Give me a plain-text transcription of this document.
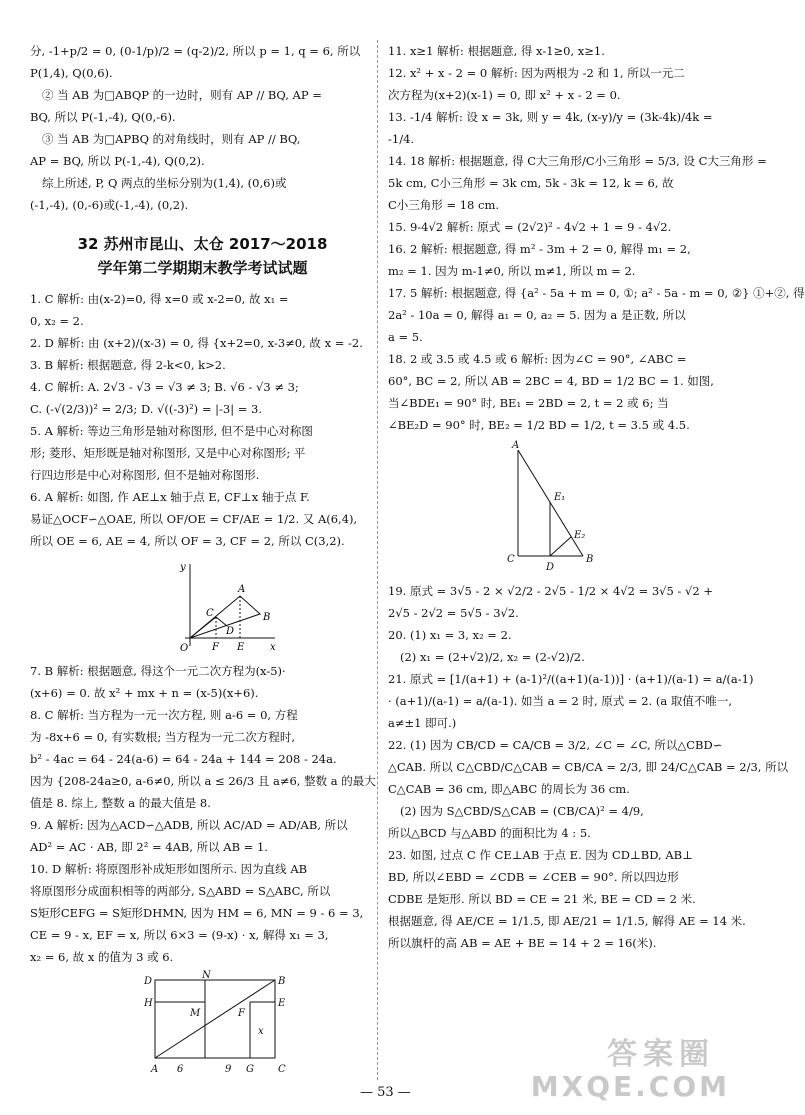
分, -1+p/2 = 0, (0-1/p)/2 = (q-2)/2, 所以 p = 1, q = 6, 所以
P(1,4), Q(0,6).
② 当 AB 为□ABQP 的一边时，则有 AP // BQ, AP =
BQ, 所以 P(-1,-4), Q(0,-6).
③ 当 AB 为□APBQ 的对角线时，则有 AP // BQ,
AP = BQ, 所以 P(-1,-4), Q(0,2).
综上所述, P, Q 两点的坐标分别为(1,4), (0,6)或
(-1,-4), (0,-6)或(-1,-4), (0,2).
32 苏州市昆山、太仓 2017～2018
学年第二学期期末教学考试试题
1. C 解析: 由(x-2)=0, 得 x=0 或 x-2=0, 故 x₁ =
0, x₂ = 2.
2. D 解析: 由 (x+2)/(x-3) = 0, 得 {x+2=0, x-3≠0, 故 x = -2.
3. B 解析: 根据题意, 得 2-k<0, k>2.
4. C 解析: A. 2√3 - √3 = √3 ≠ 3; B. √6 - √3 ≠ 3;
C. (-√(2/3))² = 2/3; D. √((-3)²) = |-3| = 3.
5. A 解析: 等边三角形是轴对称图形, 但不是中心对称图
形; 菱形、矩形既是轴对称图形, 又是中心对称图形; 平
行四边形是中心对称图形, 但不是轴对称图形.
6. A 解析: 如图, 作 AE⊥x 轴于点 E, CF⊥x 轴于点 F.
易证△OCF∽△OAE, 所以 OF/OE = CF/AE = 1/2. 又 A(6,4),
所以 OE = 6, AE = 4, 所以 OF = 3, CF = 2, 所以 C(3,2).
y
x
O F E
A
B
C
D
7. B 解析: 根据题意, 得这个一元二次方程为(x-5)·
(x+6) = 0. 故 x² + mx + n = (x-5)(x+6).
8. C 解析: 当方程为一元一次方程, 则 a-6 = 0, 方程
为 -8x+6 = 0, 有实数根; 当方程为一元二次方程时,
b² - 4ac = 64 - 24(a-6) = 64 - 24a + 144 = 208 - 24a.
因为 {208-24a≥0, a-6≠0, 所以 a ≤ 26/3 且 a≠6, 整数 a 的最大
值是 8. 综上, 整数 a 的最大值是 8.
9. A 解析: 因为△ACD∽△ADB, 所以 AC/AD = AD/AB, 所以
AD² = AC · AB, 即 2² = 4AB, 所以 AB = 1.
10. D 解析: 将原图形补成矩形如图所示. 因为直线 AB
将原图形分成面积相等的两部分, S△ABD = S△ABC, 所以
S矩形CEFG = S矩形DHMN, 因为 HM = 6, MN = 9 - 6 = 3,
CE = 9 - x, EF = x, 所以 6×3 = (9-x) · x, 解得 x₁ = 3,
x₂ = 6, 故 x 的值为 3 或 6.
D
N
B
H
M	F
E
x
A 6	9 G C
11. x≥1 解析: 根据题意, 得 x-1≥0, x≥1.
12. x² + x - 2 = 0 解析: 因为两根为 -2 和 1, 所以一元二
次方程为(x+2)(x-1) = 0, 即 x² + x - 2 = 0.
13. -1/4 解析: 设 x = 3k, 则 y = 4k, (x-y)/y = (3k-4k)/4k =
-1/4.
14. 18 解析: 根据题意, 得 C大三角形/C小三角形 = 5/3, 设 C大三角形 =
5k cm, C小三角形 = 3k cm, 5k - 3k = 12, k = 6, 故
C小三角形 = 18 cm.
15. 9-4√2 解析: 原式 = (2√2)² - 4√2 + 1 = 9 - 4√2.
16. 2 解析: 根据题意, 得 m² - 3m + 2 = 0, 解得 m₁ = 2,
m₂ = 1. 因为 m-1≠0, 所以 m≠1, 所以 m = 2.
17. 5 解析: 根据题意, 得 {a² - 5a + m = 0, ①; a² - 5a - m = 0, ②} ①+②, 得
2a² - 10a = 0, 解得 a₁ = 0, a₂ = 5. 因为 a 是正数, 所以
a = 5.
18. 2 或 3.5 或 4.5 或 6 解析: 因为∠C = 90°, ∠ABC =
60°, BC = 2, 所以 AB = 2BC = 4, BD = 1/2 BC = 1. 如图,
当∠BDE₁ = 90° 时, BE₁ = 2BD = 2, t = 2 或 6; 当
∠BE₂D = 90° 时, BE₂ = 1/2 BD = 1/2, t = 3.5 或 4.5.
A
E₁
E₂
C
D
B
19. 原式 = 3√5 - 2 × √2/2 - 2√5 - 1/2 × 4√2 = 3√5 - √2 +
2√5 - 2√2 = 5√5 - 3√2.
20. (1) x₁ = 3, x₂ = 2.
(2) x₁ = (2+√2)/2, x₂ = (2-√2)/2.
21. 原式 = [1/(a+1) + (a-1)²/((a+1)(a-1))] · (a+1)/(a-1) = a/(a-1)
· (a+1)/(a-1) = a/(a-1). 如当 a = 2 时, 原式 = 2. (a 取值不唯一,
a≠±1 即可.)
22. (1) 因为 CB/CD = CA/CB = 3/2, ∠C = ∠C, 所以△CBD∽
△CAB. 所以 C△CBD/C△CAB = CB/CA = 2/3, 即 24/C△CAB = 2/3, 所以
C△CAB = 36 cm, 即△ABC 的周长为 36 cm.
(2) 因为 S△CBD/S△CAB = (CB/CA)² = 4/9,
所以△BCD 与△ABD 的面积比为 4 : 5.
23. 如图, 过点 C 作 CE⊥AB 于点 E. 因为 CD⊥BD, AB⊥
BD, 所以∠EBD = ∠CDB = ∠CEB = 90°. 所以四边形
CDBE 是矩形. 所以 BD = CE = 21 米, BE = CD = 2 米.
根据题意, 得 AE/CE = 1/1.5, 即 AE/21 = 1/1.5, 解得 AE = 14 米.
所以旗杆的高 AB = AE + BE = 14 + 2 = 16(米).
— 53 —
答案圈
MXQE.COM
